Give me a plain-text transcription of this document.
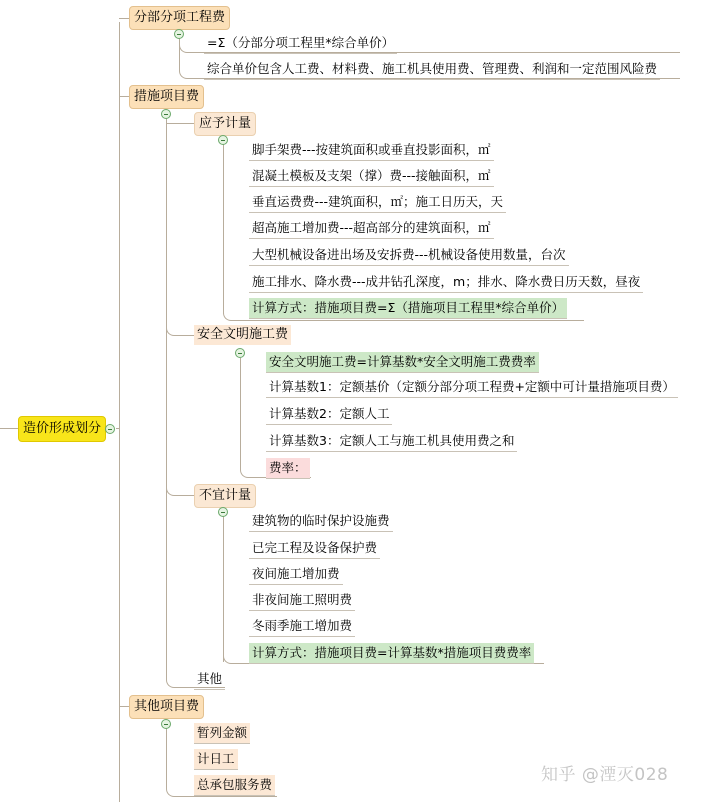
造价形成划分
分部分项工程费
=Σ（分部分项工程里*综合单价）
综合单价包含人工费、材料费、施工机具使用费、管理费、利润和一定范围风险费
措施项目费
应予计量
脚手架费---按建筑面积或垂直投影面积，㎡
混凝土模板及支架（撑）费---接触面积，㎡
垂直运费费---建筑面积，㎡；施工日历天，天
超高施工增加费---超高部分的建筑面积，㎡
大型机械设备进出场及安拆费---机械设备使用数量，台次
施工排水、降水费---成井钻孔深度，m；排水、降水费日历天数，昼夜
计算方式：措施项目费=Σ（措施项目工程里*综合单价）
安全文明施工费
安全文明施工费=计算基数*安全文明施工费费率
计算基数1：定额基价（定额分部分项工程费+定额中可计量措施项目费）
计算基数2：定额人工
计算基数3：定额人工与施工机具使用费之和
费率：
不宜计量
建筑物的临时保护设施费
已完工程及设备保护费
夜间施工增加费
非夜间施工照明费
冬雨季施工增加费
计算方式：措施项目费=计算基数*措施项目费费率
其他
其他项目费
暂列金额
计日工
总承包服务费	知乎 @湮灭028
